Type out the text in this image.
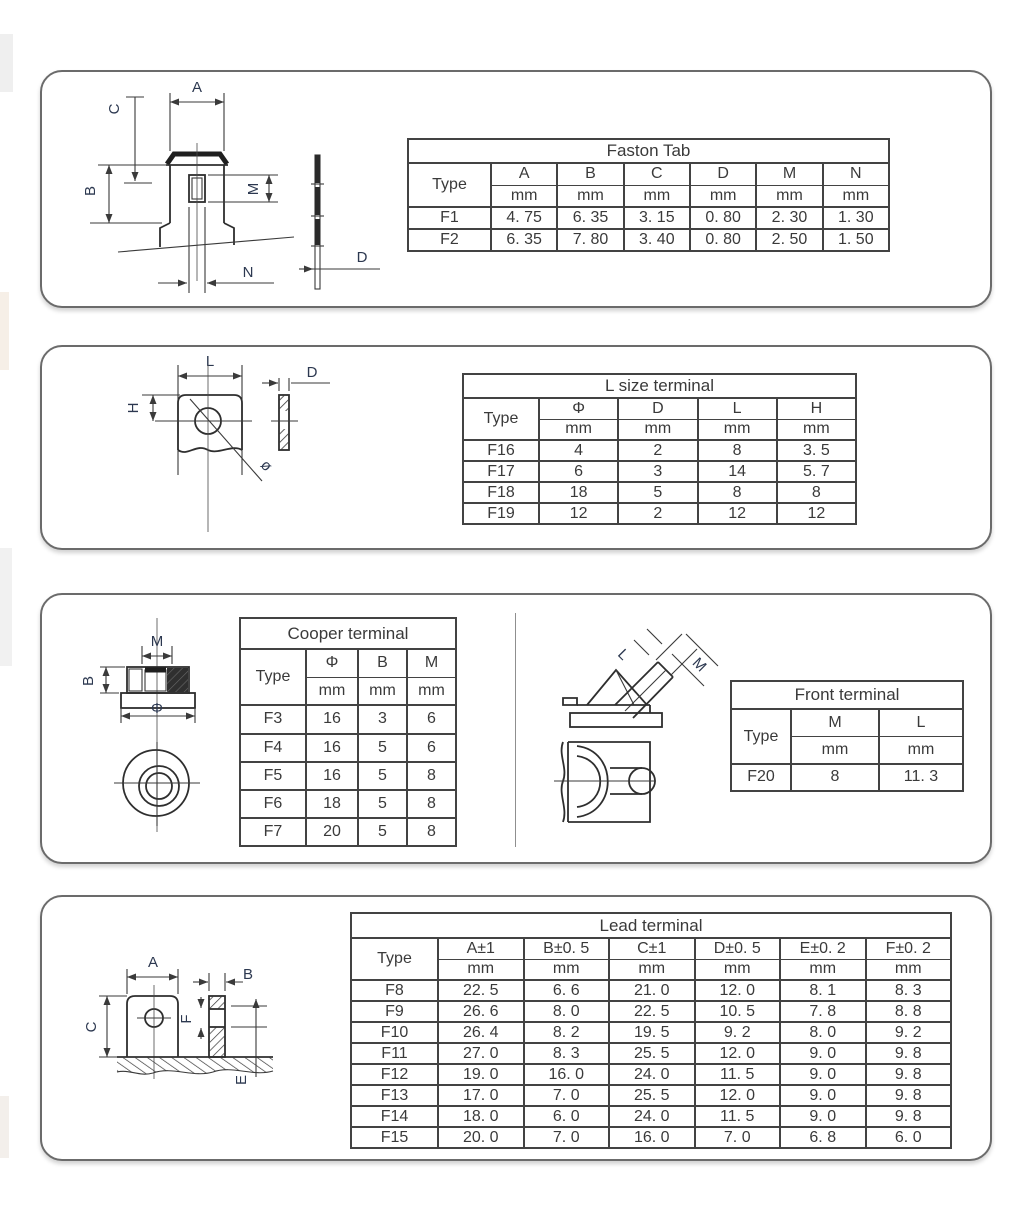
A
C
B	M
N
D
Faston Tab						
Type	A	B	C	D	M	N
	mm	mm	mm	mm	mm	mm
F1	4. 75	6. 35	3. 15	0. 80	2. 30	1. 30
F2	6. 35	7. 80	3. 40	0. 80	2. 50	1. 50
L
H
ø
D
L size terminal				
Type	Φ	D	L	H
	mm	mm	mm	mm
F16	4	2	8	3. 5
F17	6	3	14	5. 7
F18	18	5	8	8
F19	12	2	12	12
M
Φ
B
L	M
Cooper terminal			
Type	Φ	B	M
	mm	mm	mm
F3	16	3	6
F4	16	5	6
F5	16	5	8
F6	18	5	8
F7	20	5	8
Front terminal		
Type	M	L
	mm	mm
F20	8	11. 3
A
C
B
F
E
Lead terminal						
Type	A±1	B±0. 5	C±1	D±0. 5	E±0. 2	F±0. 2
	mm	mm	mm	mm	mm	mm
F8	22. 5	6. 6	21. 0	12. 0	8. 1	8. 3
F9	26. 6	8. 0	22. 5	10. 5	7. 8	8. 8
F10	26. 4	8. 2	19. 5	9. 2	8. 0	9. 2
F11	27. 0	8. 3	25. 5	12. 0	9. 0	9. 8
F12	19. 0	16. 0	24. 0	11. 5	9. 0	9. 8
F13	17. 0	7. 0	25. 5	12. 0	9. 0	9. 8
F14	18. 0	6. 0	24. 0	11. 5	9. 0	9. 8
F15	20. 0	7. 0	16. 0	7. 0	6. 8	6. 0
